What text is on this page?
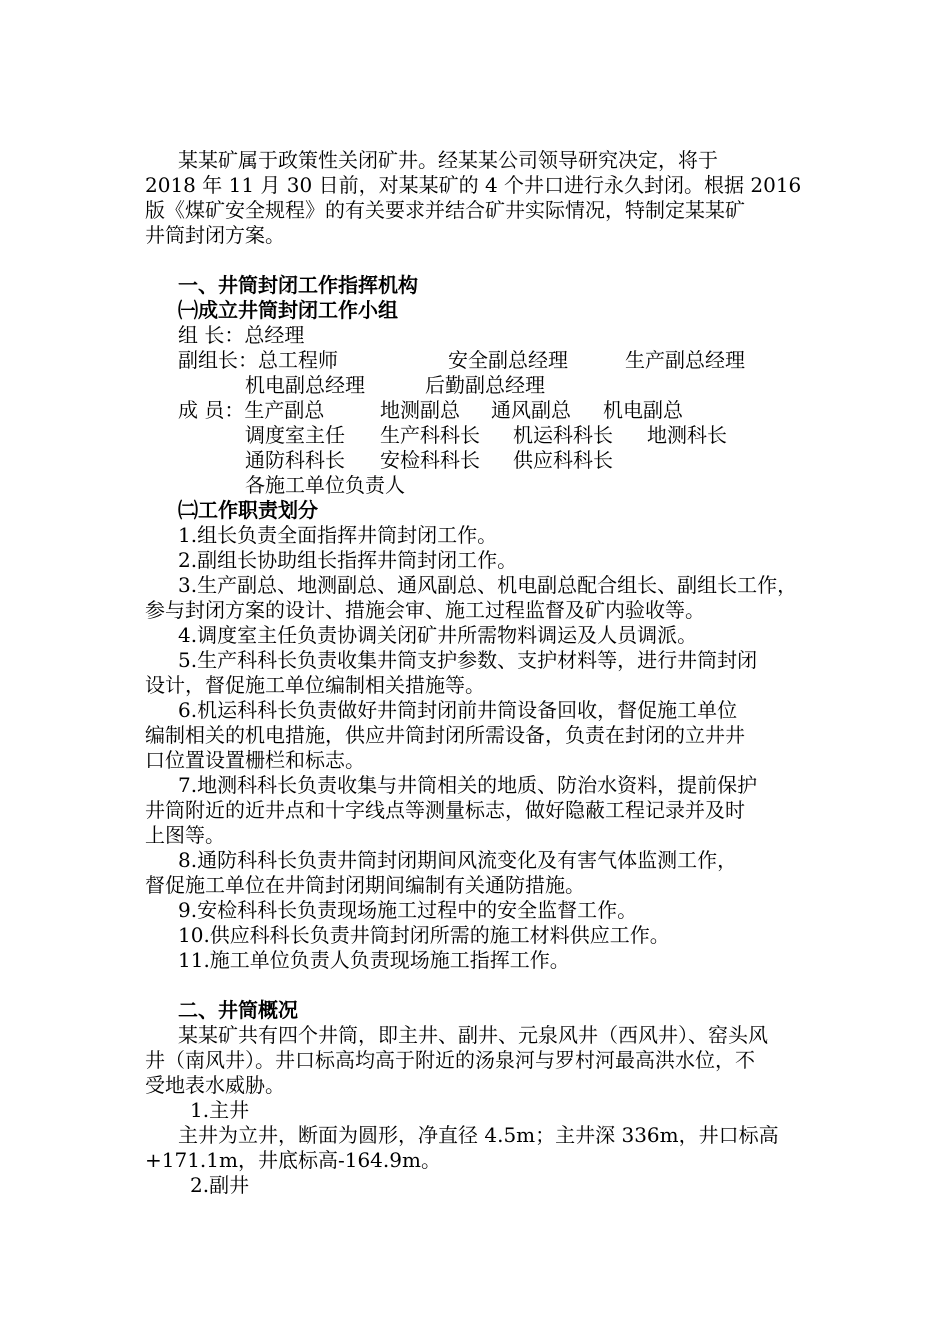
某某矿属于政策性关闭矿井。经某某公司领导研究决定，将于
2018 年 11 月 30 日前，对某某矿的 4 个井口进行永久封闭。根据 2016
版《煤矿安全规程》的有关要求并结合矿井实际情况，特制定某某矿
井筒封闭方案。
一、井筒封闭工作指挥机构
㈠成立井筒封闭工作小组
组 长：总经理
副组长：总工程师	安全副总经理	生产副总经理
机电副总经理	后勤副总经理
成 员：生产副总	地测副总 通风副总 机电副总
调度室主任 生产科科长 机运科科长 地测科长
通防科科长 安检科科长 供应科科长
各施工单位负责人
㈡工作职责划分
1.组长负责全面指挥井筒封闭工作。
2.副组长协助组长指挥井筒封闭工作。
3.生产副总、地测副总、通风副总、机电副总配合组长、副组长工作，
参与封闭方案的设计、措施会审、施工过程监督及矿内验收等。
4.调度室主任负责协调关闭矿井所需物料调运及人员调派。
5.生产科科长负责收集井筒支护参数、支护材料等，进行井筒封闭
设计，督促施工单位编制相关措施等。
6.机运科科长负责做好井筒封闭前井筒设备回收，督促施工单位
编制相关的机电措施，供应井筒封闭所需设备，负责在封闭的立井井
口位置设置栅栏和标志。
7.地测科科长负责收集与井筒相关的地质、防治水资料，提前保护
井筒附近的近井点和十字线点等测量标志，做好隐蔽工程记录并及时
上图等。
8.通防科科长负责井筒封闭期间风流变化及有害气体监测工作，
督促施工单位在井筒封闭期间编制有关通防措施。
9.安检科科长负责现场施工过程中的安全监督工作。
10.供应科科长负责井筒封闭所需的施工材料供应工作。
11.施工单位负责人负责现场施工指挥工作。
二、井筒概况
某某矿共有四个井筒，即主井、副井、元泉风井（西风井）、窑头风
井（南风井）。井口标高均高于附近的汤泉河与罗村河最高洪水位，不
受地表水威胁。
1.主井
主井为立井，断面为圆形，净直径 4.5m；主井深 336m，井口标高
+171.1m，井底标高-164.9m。
2.副井
